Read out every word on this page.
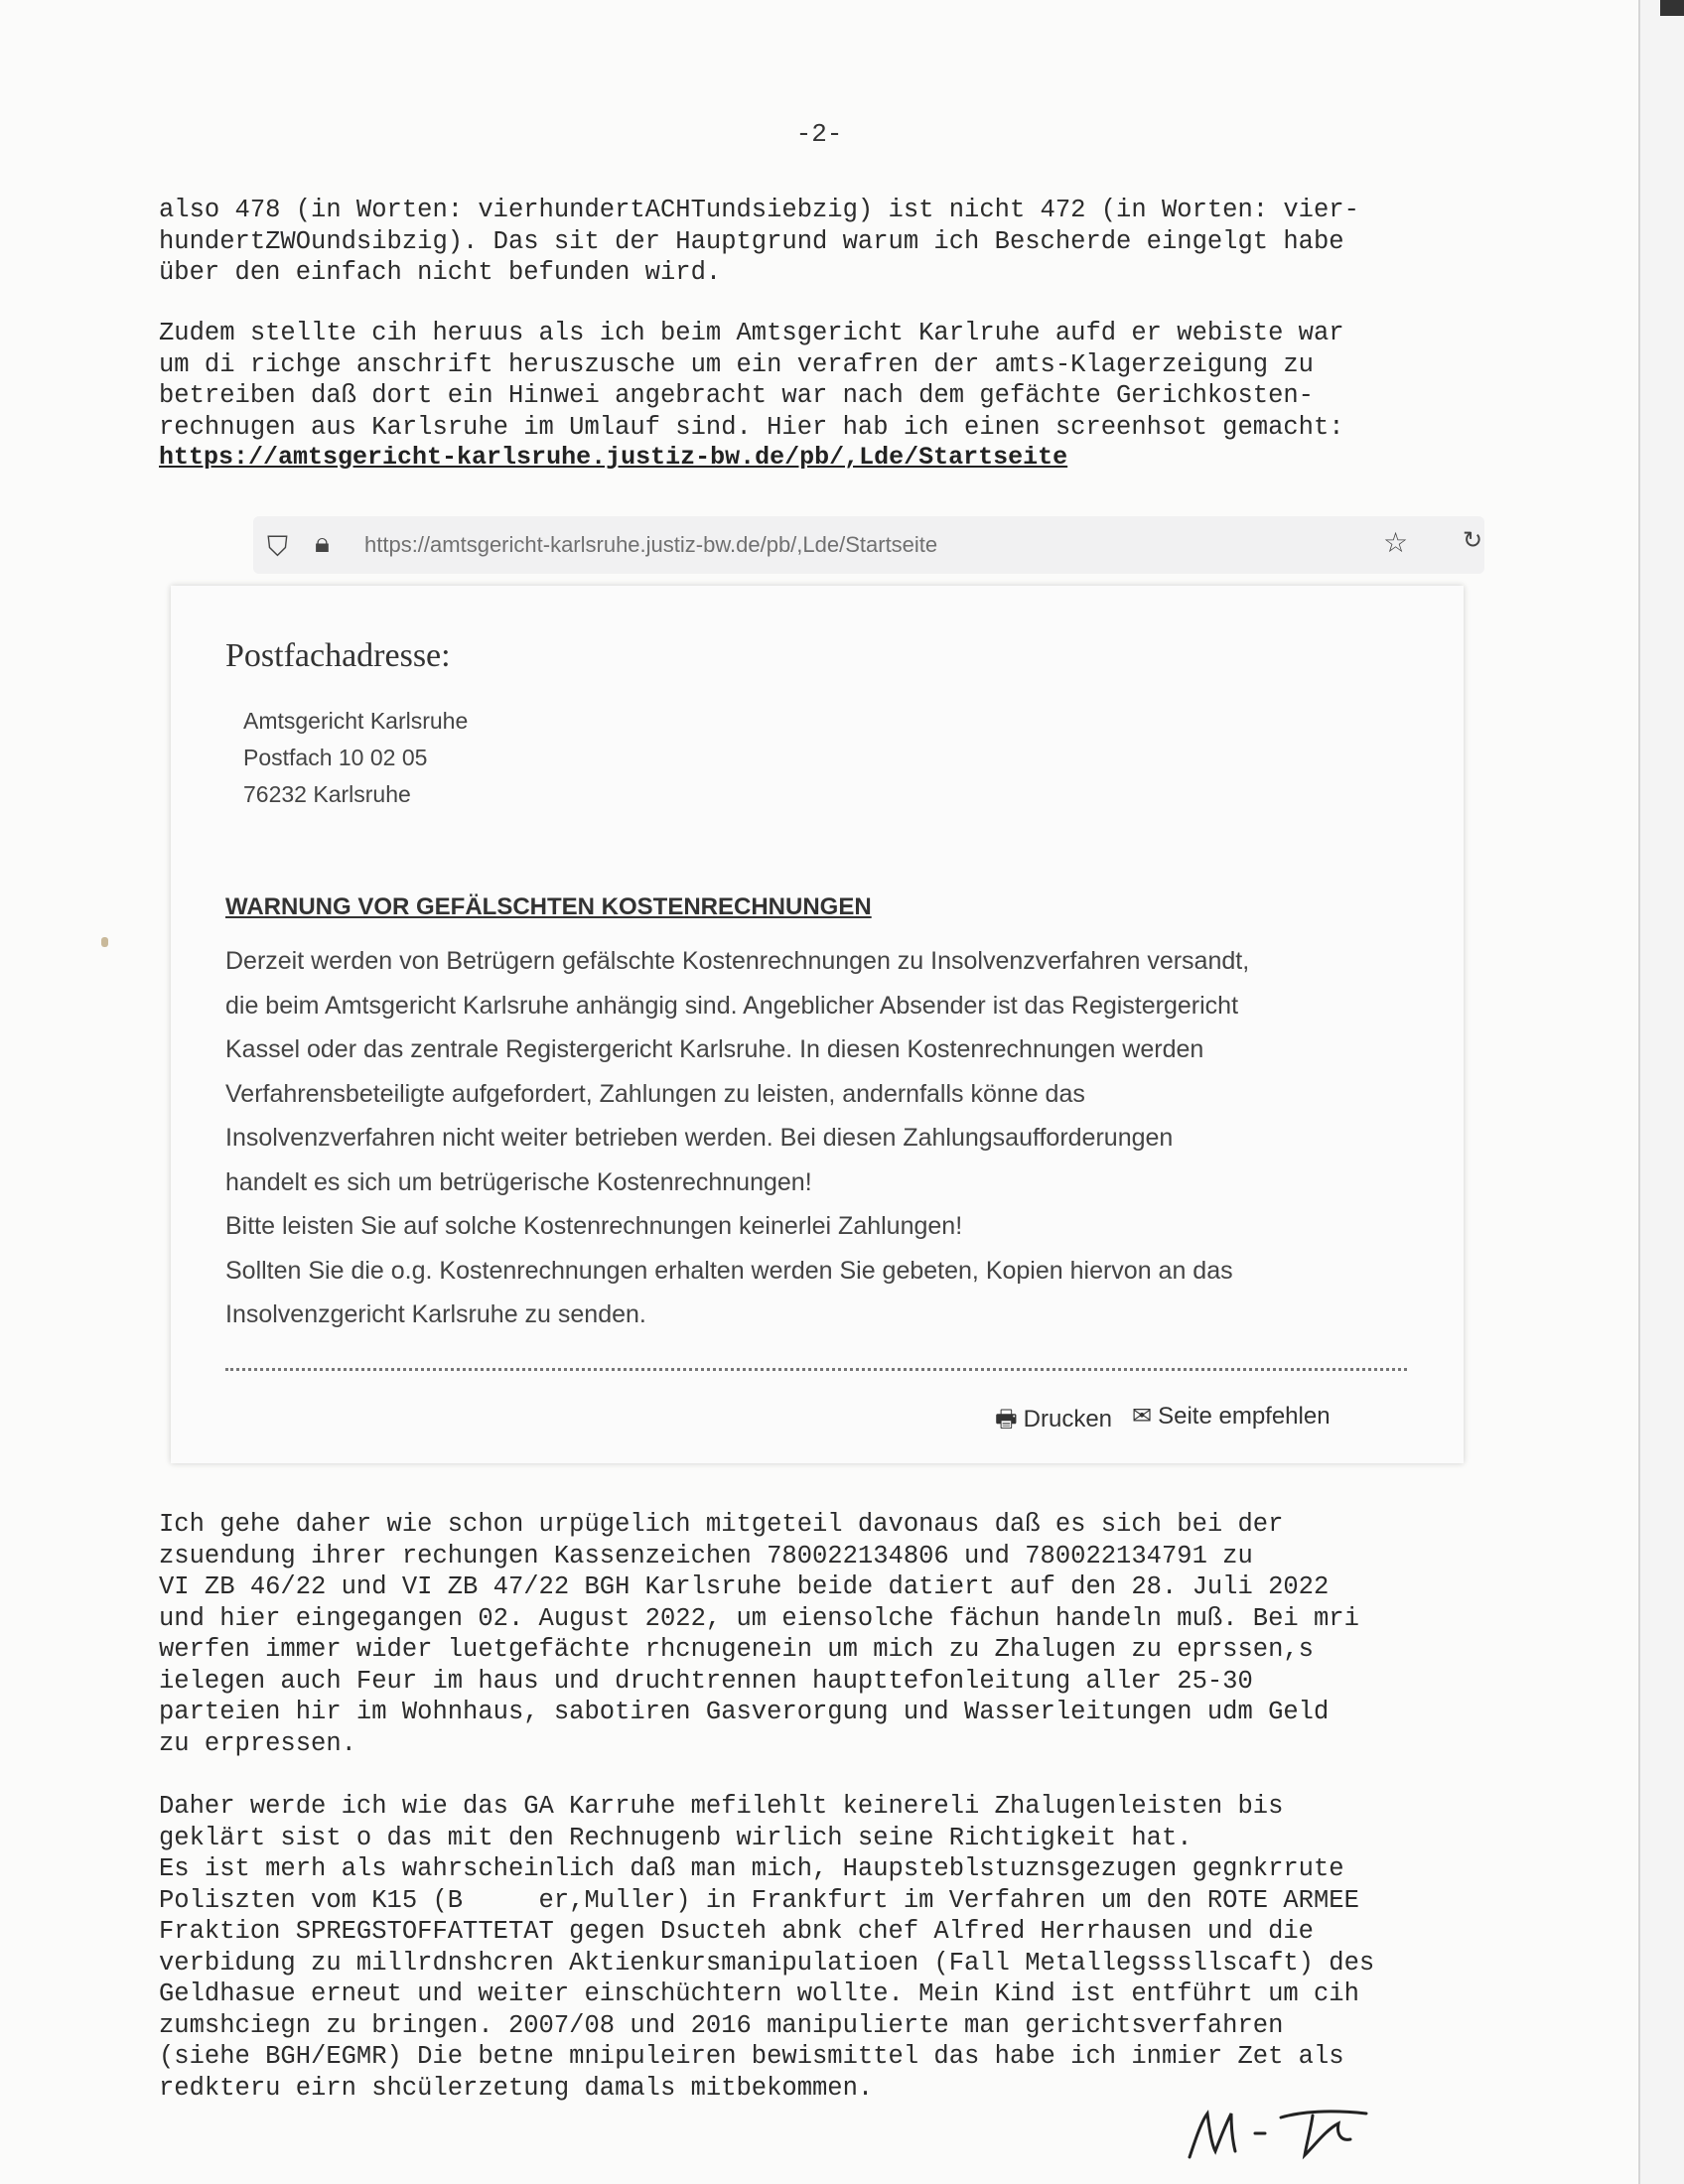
-2-

also 478 (in Worten: vierhundertACHTundsiebzig) ist nicht 472 (in Worten: vier-

hundertZWOundsibzig). Das sit der Hauptgrund warum ich Bescherde eingelgt habe

über den einfach nicht befunden wird.

Zudem stellte cih heruus als ich beim Amtsgericht Karlruhe aufd er webiste war

um di richge anschrift heruszusche um ein verafren der amts-Klagerzeigung zu

betreiben daß dort ein Hinwei angebracht war nach dem gefächte Gerichkosten-

rechnugen aus Karlsruhe im Umlauf sind. Hier hab ich einen screenhsot gemacht:

https://amtsgericht-karlsruhe.justiz-bw.de/pb/,Lde/Startseite
⛉ 🔒︎ https://amtsgericht-karlsruhe.justiz-bw.de/pb/,Lde/Startseite	☆ ↻
Postfachadresse:
Amtsgericht Karlsruhe
Postfach 10 02 05
76232 Karlsruhe
WARNUNG VOR GEFÄLSCHTEN KOSTENRECHNUNGEN
Derzeit werden von Betrügern gefälschte Kostenrechnungen zu Insolvenzverfahren versandt,
die beim Amtsgericht Karlsruhe anhängig sind. Angeblicher Absender ist das Registergericht
Kassel oder das zentrale Registergericht Karlsruhe. In diesen Kostenrechnungen werden
Verfahrensbeteiligte aufgefordert, Zahlungen zu leisten, andernfalls könne das
Insolvenzverfahren nicht weiter betrieben werden. Bei diesen Zahlungsaufforderungen
handelt es sich um betrügerische Kostenrechnungen!
Bitte leisten Sie auf solche Kostenrechnungen keinerlei Zahlungen!
Sollten Sie die o.g. Kostenrechnungen erhalten werden Sie gebeten, Kopien hiervon an das
Insolvenzgericht Karlsruhe zu senden.
🖶 Drucken ✉ Seite empfehlen

Ich gehe daher wie schon urpügelich mitgeteil davonaus daß es sich bei der

zsuendung ihrer rechungen Kassenzeichen 780022134806 und 780022134791 zu

VI ZB 46/22 und VI ZB 47/22 BGH Karlsruhe beide datiert auf den 28. Juli 2022

und hier eingegangen 02. August 2022, um eiensolche fächun handeln muß. Bei mri

werfen immer wider luetgefächte rhcnugenein um mich zu Zhalugen zu eprssen,s

ielegen auch Feur im haus und druchtrennen haupttefonleitung aller 25-30

parteien hir im Wohnhaus, sabotiren Gasverorgung und Wasserleitungen udm Geld

zu erpressen.

Daher werde ich wie das GA Karruhe mefilehlt keinereli Zhalugenleisten bis

geklärt sist o das mit den Rechnugenb wirlich seine Richtigkeit hat.

Es ist merh als wahrscheinlich daß man mich, Haupsteblstuznsgezugen gegnkrrute

Poliszten vom K15 (B     er,Muller) in Frankfurt im Verfahren um den ROTE ARMEE

Fraktion SPREGSTOFFATTETAT gegen Dsucteh abnk chef Alfred Herrhausen und die

verbidung zu millrdnshcren Aktienkursmanipulatioen (Fall Metallegsssllscaft) des

Geldhasue erneut und weiter einschüchtern wollte. Mein Kind ist entführt um cih

zumshciegn zu bringen. 2007/08 und 2016 manipulierte man gerichtsverfahren

(siehe BGH/EGMR) Die betne mnipuleiren bewismittel das habe ich inmier Zet als

redkteru eirn shcülerzetung damals mitbekommen.
